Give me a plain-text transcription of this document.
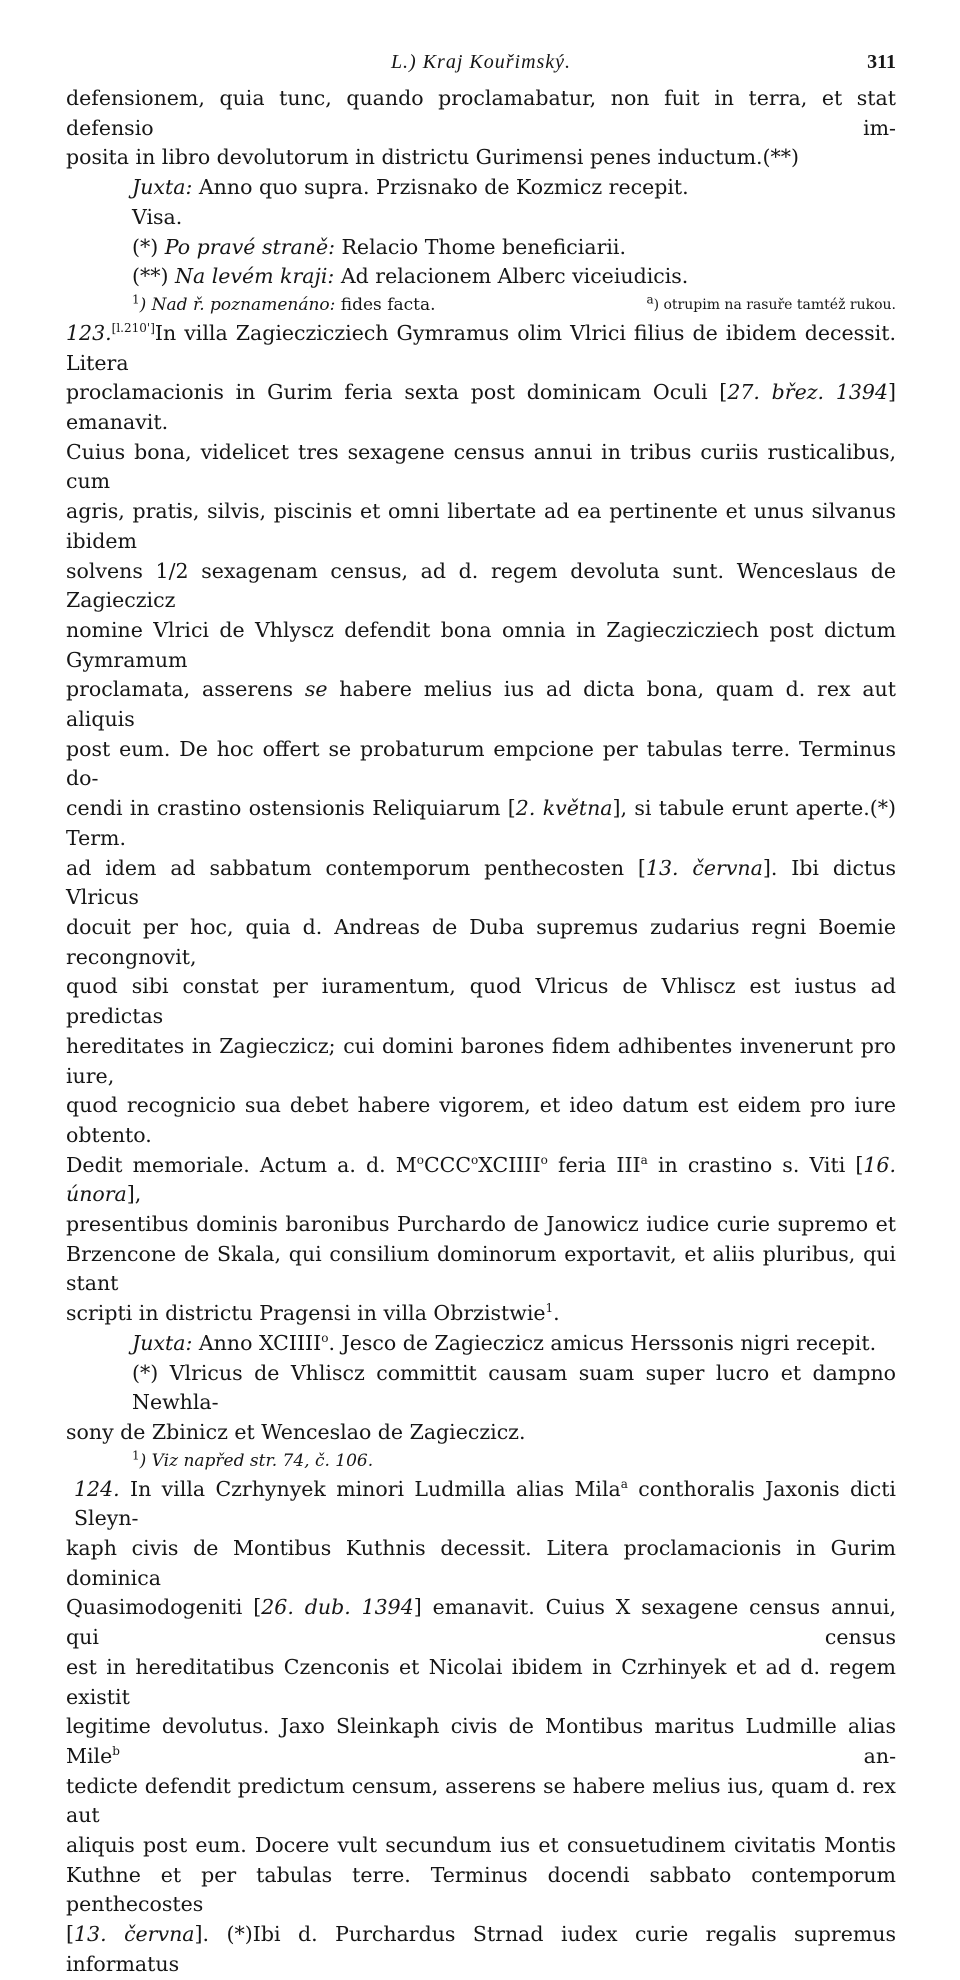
L.) Kraj Kouřimský.	311
defensionem, quia tunc, quando proclamabatur, non fuit in terra, et stat defensio im-
posita in libro devolutorum in districtu Gurimensi penes inductum.(**)
Juxta: Anno quo supra. Przisnako de Kozmicz recepit.
Visa.
(*) Po pravé straně: Relacio Thome beneficiarii.
(**) Na levém kraji: Ad relacionem Alberc viceiudicis.
$^1$) Nad ř. poznamenáno: fides facta.	$^a$) otrupim na rasuře tamtéž rukou.
123.[l.210']In villa Zagieczicziech Gymramus olim Vlrici filius de ibidem decessit. Litera
proclamacionis in Gurim feria sexta post dominicam Oculi [27. břez. 1394] emanavit.
Cuius bona, videlicet tres sexagene census annui in tribus curiis rusticalibus, cum
agris, pratis, silvis, piscinis et omni libertate ad ea pertinente et unus silvanus ibidem
solvens 1/2 sexagenam census, ad d. regem devoluta sunt. Wenceslaus de Zagieczicz
nomine Vlrici de Vhlyscz defendit bona omnia in Zagieczicziech post dictum Gymramum
proclamata, asserens se habere melius ius ad dicta bona, quam d. rex aut aliquis
post eum. De hoc offert se probaturum empcione per tabulas terre. Terminus do-
cendi in crastino ostensionis Reliquiarum [2. května], si tabule erunt aperte.(*) Term.
ad idem ad sabbatum contemporum penthecosten [13. června]. Ibi dictus Vlricus
docuit per hoc, quia d. Andreas de Duba supremus zudarius regni Boemie recongnovit,
quod sibi constat per iuramentum, quod Vlricus de Vhliscz est iustus ad predictas
hereditates in Zagieczicz; cui domini barones fidem adhibentes invenerunt pro iure,
quod recognicio sua debet habere vigorem, et ideo datum est eidem pro iure obtento.
Dedit memoriale. Actum a. d. $M^oCCC^oXCIIII^o$ feria III$^a$ in crastino s. Viti [16. února],
presentibus dominis baronibus Purchardo de Janowicz iudice curie supremo et
Brzencone de Skala, qui consilium dominorum exportavit, et aliis pluribus, qui stant
scripti in districtu Pragensi in villa Obrzistwie$^1$.
Juxta: Anno XCIIII$^o$. Jesco de Zagieczicz amicus Herssonis nigri recepit.
(*) Vlricus de Vhliscz committit causam suam super lucro et dampno Newhla-
sony de Zbinicz et Wenceslao de Zagieczicz.
$^1$) Viz napřed str. 74, č. 106.
124. In villa Czrhynyek minori Ludmilla alias Mila$^a$ conthoralis Jaxonis dicti Sleyn-
kaph civis de Montibus Kuthnis decessit. Litera proclamacionis in Gurim dominica
Quasimodogeniti [26. dub. 1394] emanavit. Cuius X sexagene census annui, qui census
est in hereditatibus Czenconis et Nicolai ibidem in Czrhinyek et ad d. regem existit
legitime devolutus. Jaxo Sleinkaph civis de Montibus maritus Ludmille alias Mile$^b$ an-
tedicte defendit predictum censum, asserens se habere melius ius, quam d. rex aut
aliquis post eum. Docere vult secundum ius et consuetudinem civitatis Montis
Kuthne et per tabulas terre. Terminus docendi sabbato contemporum penthecostes
[13. června]. (*)Ibi d. Purchardus Strnad iudex curie regalis supremus informatus
